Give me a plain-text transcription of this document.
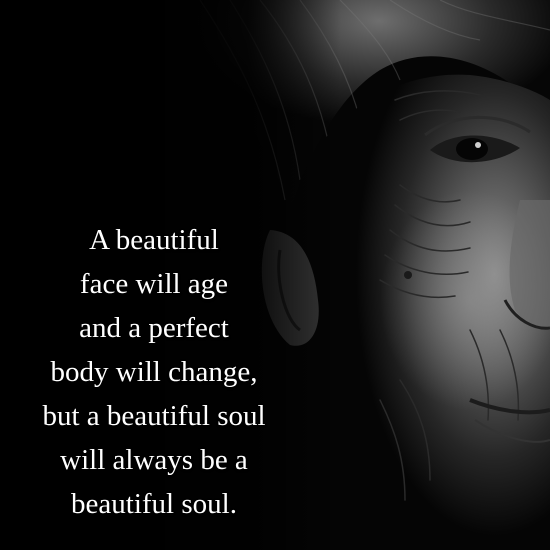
A beautiful
face will age
and a perfect
body will change,
but a beautiful soul
will always be a
beautiful soul.
